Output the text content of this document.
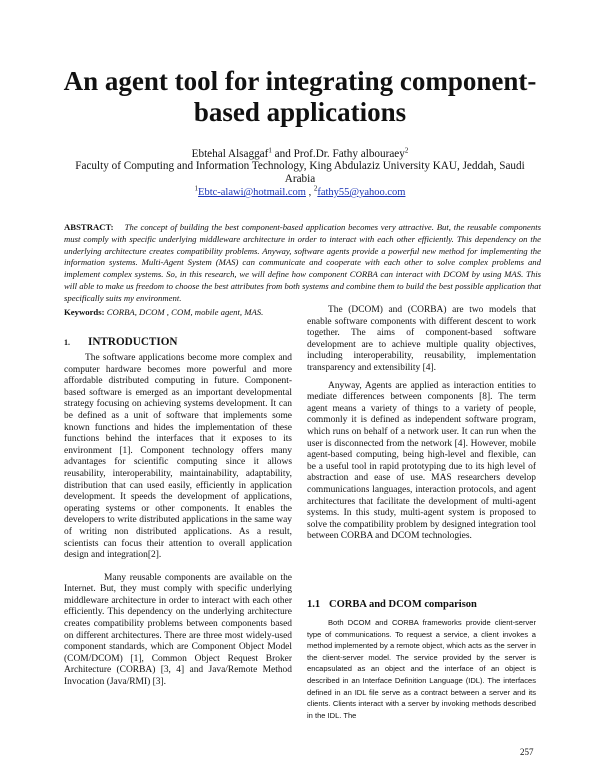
An agent tool for integrating component-
based applications
Ebtehal Alsaggaf$^1$ and Prof.Dr. Fathy albouraey$^2$
Faculty of Computing and Information Technology, King Abdulaziz University KAU, Jeddah, Saudi
Arabia
$^1$Ebtc-alawi@hotmail.com , $^2$fathy55@yahoo.com
ABSTRACT: The concept of building the best component-based application becomes very attractive. But, the reusable components must comply with specific underlying middleware architecture in order to interact with each other efficiently. This dependency on the underlying architecture creates compatibility problems. Anyway, software agents provide a powerful new method for implementing the information systems. Multi-Agent System (MAS) can communicate and cooperate with each other to solve complex problems and implement complex systems. So, in this research, we will define how component CORBA can interact with DCOM by using MAS. This will able to make us freedom to choose the best attributes from both systems and combine them to build the best possible application that specifically suits my environment.
Keywords: CORBA, DCOM , COM, mobile agent, MAS.
1. INTRODUCTION

The software applications become more complex and computer hardware becomes more powerful and more affordable distributed computing in future. Component-based software is emerged as an important developmental strategy focusing on achieving systems development. It can be defined as a unit of software that implements some known functions and hides the implementation of these functions behind the interfaces that it exposes to its environment [1]. Component technology offers many advantages for scientific computing since it allows reusability, interoperability, maintainability, adaptability, distribution that can used easily, efficiently in application development. It speeds the development of applications, operating systems or other components. It enables the developers to write distributed applications in the same way of writing non distributed applications. As a result, scientists can focus their attention to overall application design and integration[2].

Many reusable components are available on the Internet. But, they must comply with specific underlying middleware architecture in order to interact with each other efficiently. This dependency on the underlying architecture creates compatibility problems between components based on different architectures. There are three most widely-used component standards, which are Component Object Model (COM/DCOM) [1], Common Object Request Broker Architecture (CORBA) [3, 4] and Java/Remote Method Invocation (Java/RMI) [3].

The (DCOM) and (CORBA) are two models that enable software components with different descent to work together. The aims of component-based software development are to achieve multiple quality objectives, including interoperability, reusability, implementation transparency and extensibility [4].

Anyway, Agents are applied as interaction entities to mediate differences between components [8]. The term agent means a variety of things to a variety of people, commonly it is defined as independent software program, which runs on behalf of a network user. It can run when the user is disconnected from the network [4]. However, mobile agent-based computing, being high-level and flexible, can be a useful tool in rapid prototyping due to its high level of abstraction and ease of use. MAS researchers develop communications languages, interaction protocols, and agent architectures that facilitate the development of multi-agent systems. In this study, multi-agent system is proposed to solve the compatibility problem by designed integration tool between CORBA and DCOM technologies.

1.1 CORBA and DCOM comparison

Both DCOM and CORBA frameworks provide client-server type of communications. To request a service, a client invokes a method implemented by a remote object, which acts as the server in the client-server model. The service provided by the server is encapsulated as an object and the interface of an object is described in an Interface Definition Language (IDL). The interfaces defined in an IDL file serve as a contract between a server and its clients. Clients interact with a server by invoking methods described in the IDL. The

257
